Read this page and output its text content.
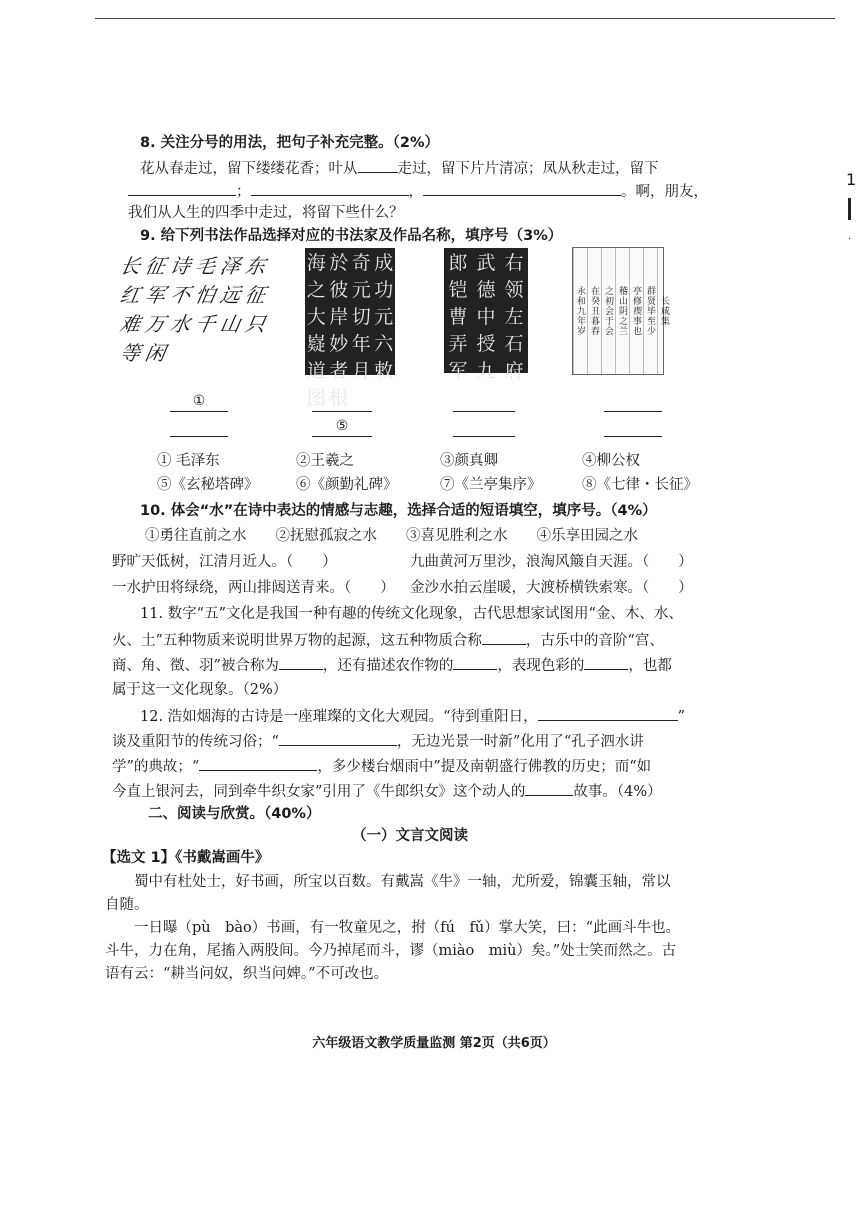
1
·
8. 关注分号的用法，把句子补充完整。（2%）
花从春走过，留下缕缕花香；叶从	走过，留下片片清凉；凤从秋走过，留下
；	，	。啊，朋友，
我们从人生的四季中走过，将留下些什么？
9. 给下列书法作品选择对应的书法家及作品名称，填序号（3%）
长 征 诗 毛 泽 东
红 军 不 怕 远 征
难 万 水 千 山 只
等 闲
海 於 奇 成
之 彼 元 功
大 岸 切 元
嶷 妙 年 六
道 者 月 敕
图 根
郎 武 右
铠 德 领
曹 中 左
弄 授 石
军 九 府
永和九年岁 在癸丑暮春 之初会于会 稽山阴之兰 亭修禊事也 群贤毕至少 长咸集
①
⑤
① 毛泽东	②王羲之	③颜真卿	④柳公权
⑤《玄秘塔碑》	⑥《颜勤礼碑》	⑦《兰亭集序》	⑧《七律・长征》
10. 体会“水”在诗中表达的情感与志趣，选择合适的短语填空，填序号。（4%）
①勇往直前之水　　②抚慰孤寂之水　　③喜见胜利之水　　④乐享田园之水
野旷天低树，江清月近人。（　　）	九曲黄河万里沙，浪淘风簸自天涯。（　　）
一水护田将绿绕，两山排闼送青来。（　　） 金沙水拍云崖暖，大渡桥横铁索寒。（　　）
11. 数字“五”文化是我国一种有趣的传统文化现象，古代思想家试图用“金、木、水、
火、土”五种物质来说明世界万物的起源，这五种物质合称	，古乐中的音阶“宫、
商、角、徵、羽”被合称为	，还有描述农作物的	，表现色彩的	，也都
属于这一文化现象。（2%）
12. 浩如烟海的古诗是一座璀璨的文化大观园。“待到重阳日，	”
谈及重阳节的传统习俗；“	，无边光景一时新”化用了“孔子泗水讲
学”的典故；“	，多少楼台烟雨中”提及南朝盛行佛教的历史；而“如
今直上银河去，同到牵牛织女家”引用了《牛郎织女》这个动人的	故事。（4%）
二、阅读与欣赏。（40%）
（一）文言文阅读
【选文 1】《书戴嵩画牛》
蜀中有杜处士，好书画，所宝以百数。有戴嵩《牛》一轴，尤所爱，锦囊玉轴，常以
自随。
一日曝（pù　bào）书画，有一牧童见之，拊（fú　fǔ）掌大笑，曰：“此画斗牛也。
斗牛，力在角，尾搐入两股间。今乃掉尾而斗，谬（miào　miù）矣。”处士笑而然之。古
语有云：“耕当问奴，织当问婢。”不可改也。
六年级语文教学质量监测 第2页（共6页）
